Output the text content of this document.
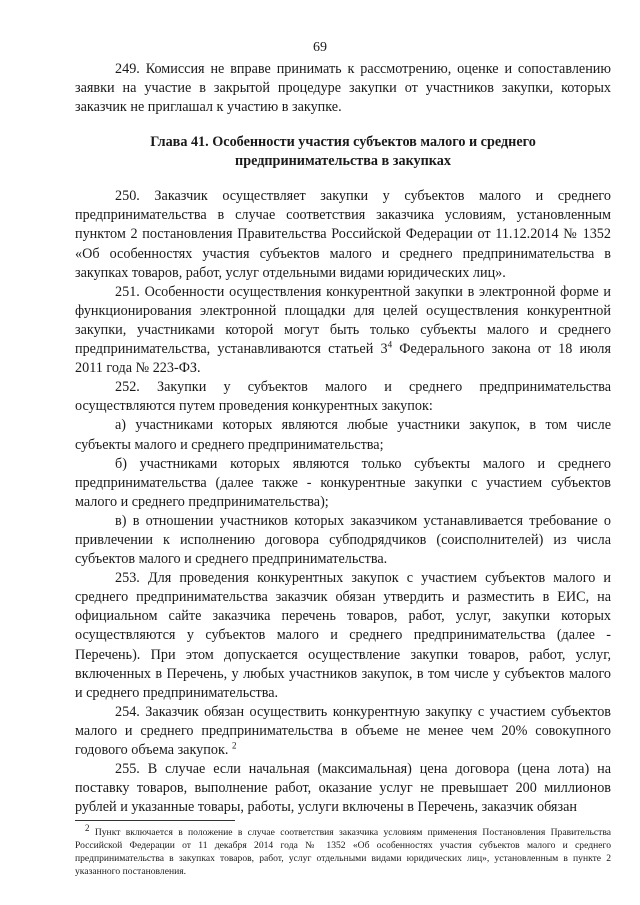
69

249. Комиссия не вправе принимать к рассмотрению, оценке и сопоставлению заявки на участие в закрытой процедуре закупки от участников закупки, которых заказчик не приглашал к участию в закупке.

Глава 41. Особенности участия субъектов малого и среднего

предпринимательства в закупках

250. Заказчик осуществляет закупки у субъектов малого и среднего предпринимательства в случае соответствия заказчика условиям, установленным пунктом 2 постановления Правительства Российской Федерации от 11.12.2014 № 1352 «Об особенностях участия субъектов малого и среднего предпринимательства в закупках товаров, работ, услуг отдельными видами юридических лиц».

251. Особенности осуществления конкурентной закупки в электронной форме и функционирования электронной площадки для целей осуществления конкурентной закупки, участниками которой могут быть только субъекты малого и среднего предпринимательства, устанавливаются статьей $3^4$ Федерального закона от 18 июля 2011 года № 223-ФЗ.

252. Закупки у субъектов малого и среднего предпринимательства осуществляются путем проведения конкурентных закупок:

а) участниками которых являются любые участники закупок, в том числе субъекты малого и среднего предпринимательства;

б) участниками которых являются только субъекты малого и среднего предпринимательства (далее также - конкурентные закупки с участием субъектов малого и среднего предпринимательства);

в) в отношении участников которых заказчиком устанавливается требование о привлечении к исполнению договора субподрядчиков (соисполнителей) из числа субъектов малого и среднего предпринимательства.

253. Для проведения конкурентных закупок с участием субъектов малого и среднего предпринимательства заказчик обязан утвердить и разместить в ЕИС, на официальном сайте заказчика перечень товаров, работ, услуг, закупки которых осуществляются у субъектов малого и среднего предпринимательства (далее - Перечень). При этом допускается осуществление закупки товаров, работ, услуг, включенных в Перечень, у любых участников закупок, в том числе у субъектов малого и среднего предпринимательства.

254. Заказчик обязан осуществить конкурентную закупку с участием субъектов малого и среднего предпринимательства в объеме не менее чем 20% совокупного годового объема закупок. $^2$

255. В случае если начальная (максимальная) цена договора (цена лота) на поставку товаров, выполнение работ, оказание услуг не превышает 200 миллионов рублей и указанные товары, работы, услуги включены в Перечень, заказчик обязан

$^2$ Пункт включается в положение в случае соответствия заказчика условиям применения Постановления Правительства Российской Федерации от 11 декабря 2014 года № 1352 «Об особенностях участия субъектов малого и среднего предпринимательства в закупках товаров, работ, услуг отдельными видами юридических лиц», установленным в пункте 2 указанного постановления.
